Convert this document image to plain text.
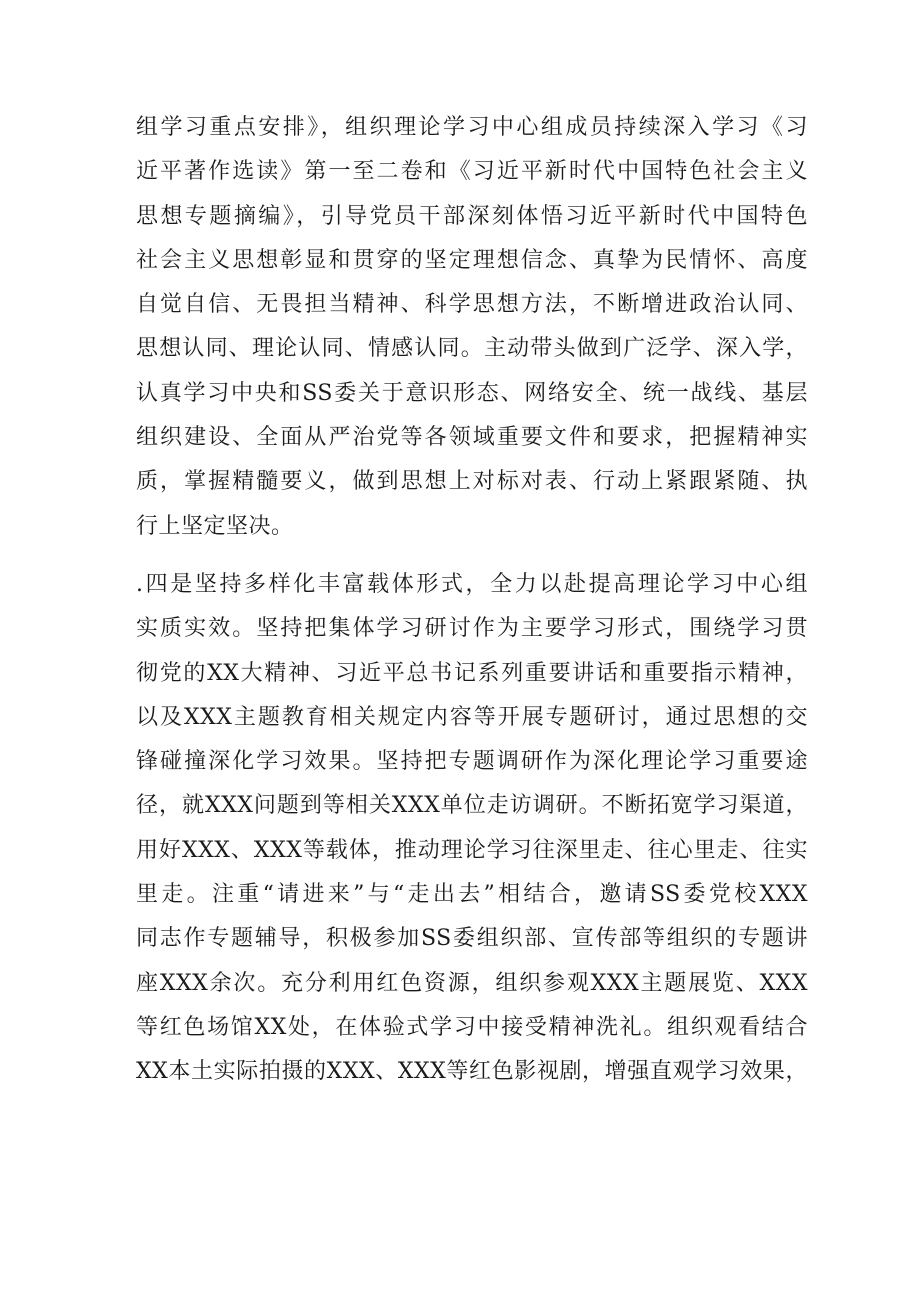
组学习重点安排》，组织理论学习中心组成员持续深入学习《习
近平著作选读》第一至二卷和《习近平新时代中国特色社会主义
思想专题摘编》，引导党员干部深刻体悟习近平新时代中国特色
社会主义思想彰显和贯穿的坚定理想信念、真挚为民情怀、高度
自觉自信、无畏担当精神、科学思想方法，不断增进政治认同、
思想认同、理论认同、情感认同。主动带头做到广泛学、深入学，
认真学习中央和SS委关于意识形态、网络安全、统一战线、基层
组织建设、全面从严治党等各领域重要文件和要求，把握精神实
质，掌握精髓要义，做到思想上对标对表、行动上紧跟紧随、执
行上坚定坚决。
.四是坚持多样化丰富载体形式，全力以赴提高理论学习中心组
实质实效。坚持把集体学习研讨作为主要学习形式，围绕学习贯
彻党的XX大精神、习近平总书记系列重要讲话和重要指示精神，
以及XXX主题教育相关规定内容等开展专题研讨，通过思想的交
锋碰撞深化学习效果。坚持把专题调研作为深化理论学习重要途
径，就XXX问题到等相关XXX单位走访调研。不断拓宽学习渠道，
用好XXX、XXX等载体，推动理论学习往深里走、往心里走、往实
里走。注重“请进来”与“走出去”相结合，邀请SS委党校XXX
同志作专题辅导，积极参加SS委组织部、宣传部等组织的专题讲
座XXX余次。充分利用红色资源，组织参观XXX主题展览、XXX
等红色场馆XX处，在体验式学习中接受精神洗礼。组织观看结合
XX本土实际拍摄的XXX、XXX等红色影视剧，增强直观学习效果，
